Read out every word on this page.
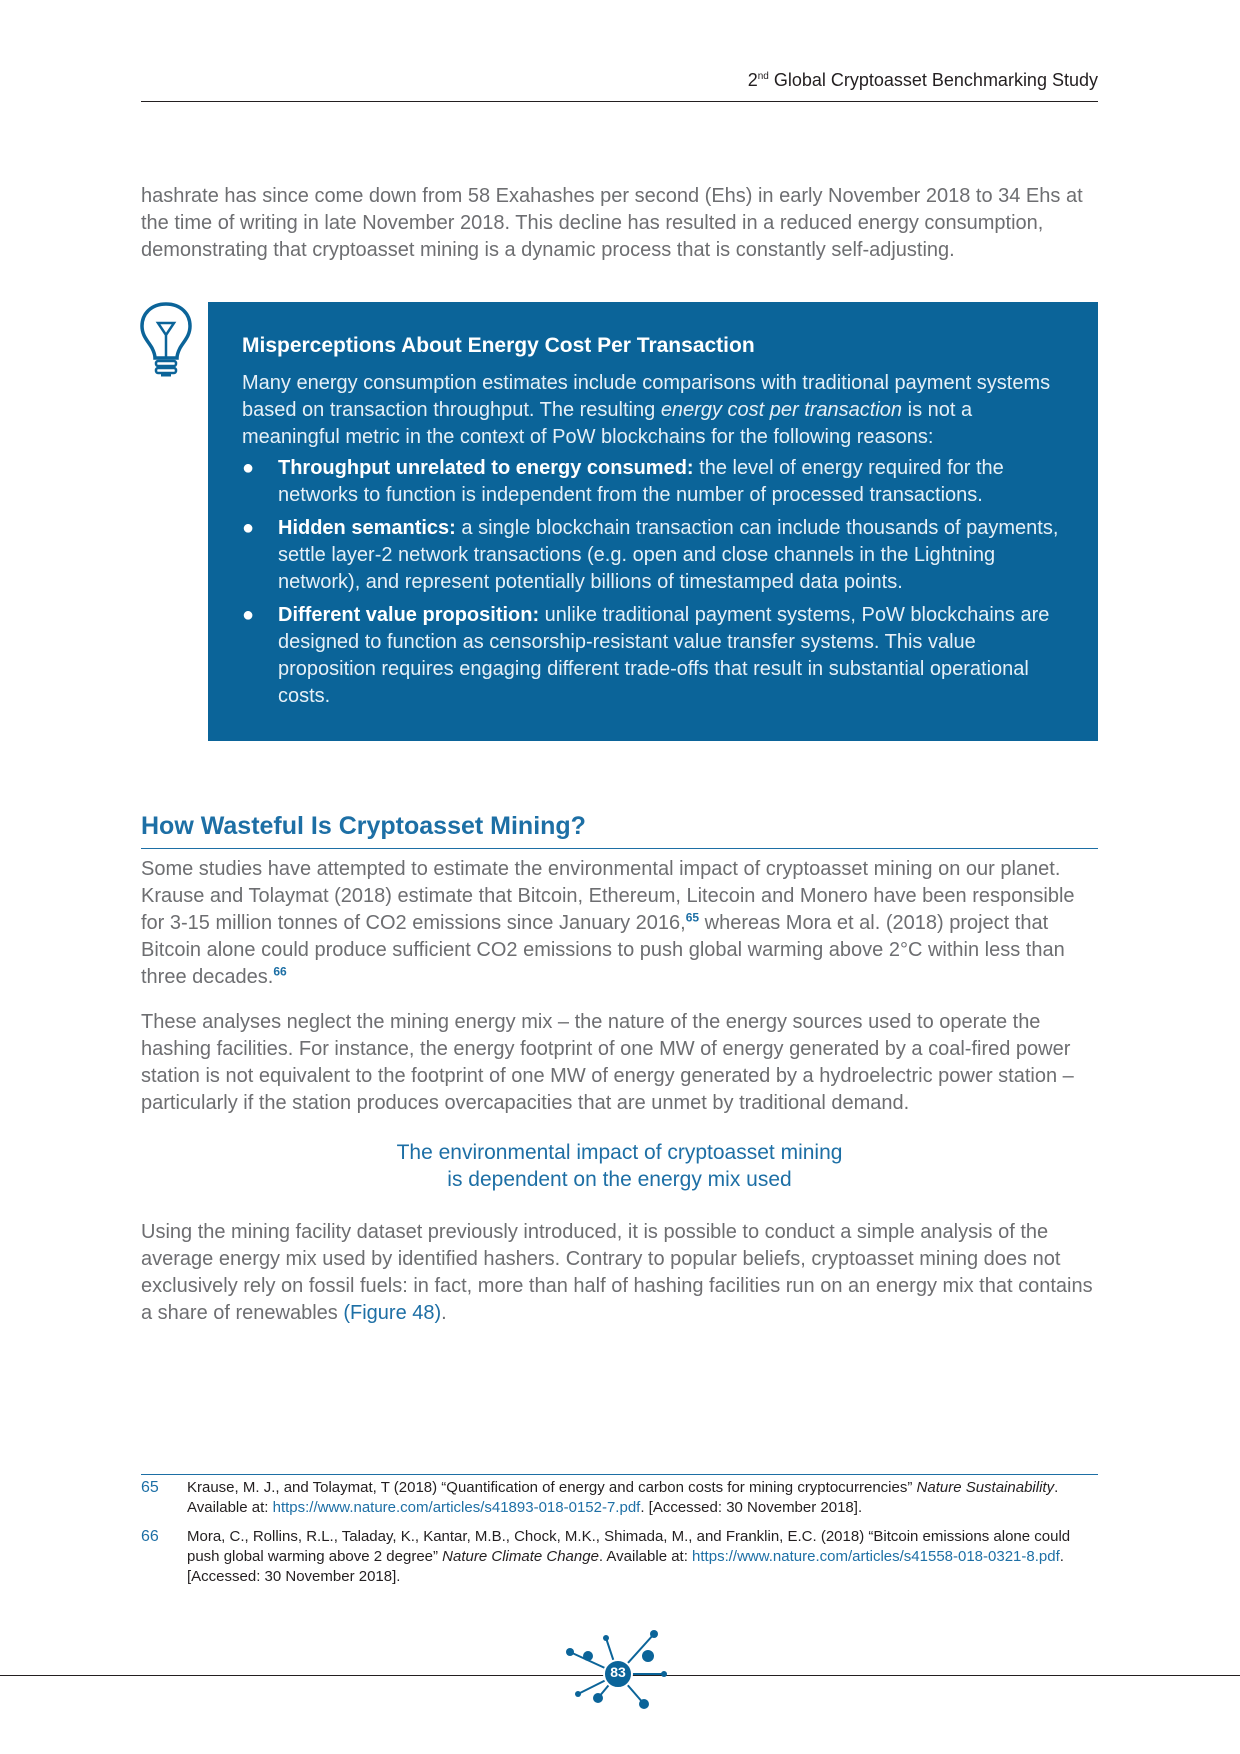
2nd Global Cryptoasset Benchmarking Study

hashrate has since come down from 58 Exahashes per second (Ehs) in early November 2018 to 34 Ehs at the time of writing in late November 2018. This decline has resulted in a reduced energy consumption, demonstrating that cryptoasset mining is a dynamic process that is constantly self-adjusting.

Misperceptions About Energy Cost Per Transaction

Many energy consumption estimates include comparisons with traditional payment systems based on transaction throughput. The resulting energy cost per transaction is not a meaningful metric in the context of PoW blockchains for the following reasons:

● Throughput unrelated to energy consumed: the level of energy required for the networks to function is independent from the number of processed transactions.
● Hidden semantics: a single blockchain transaction can include thousands of payments, settle layer-2 network transactions (e.g. open and close channels in the Lightning network), and represent potentially billions of timestamped data points.
● Different value proposition: unlike traditional payment systems, PoW blockchains are designed to function as censorship-resistant value transfer systems. This value proposition requires engaging different trade-offs that result in substantial operational costs.
How Wasteful Is Cryptoasset Mining?

Some studies have attempted to estimate the environmental impact of cryptoasset mining on our planet. Krause and Tolaymat (2018) estimate that Bitcoin, Ethereum, Litecoin and Monero have been responsible for 3-15 million tonnes of CO2 emissions since January 2016,65 whereas Mora et al. (2018) project that Bitcoin alone could produce sufficient CO2 emissions to push global warming above 2°C within less than three decades.$^{66}$

These analyses neglect the mining energy mix – the nature of the energy sources used to operate the hashing facilities. For instance, the energy footprint of one MW of energy generated by a coal-fired power station is not equivalent to the footprint of one MW of energy generated by a hydroelectric power station – particularly if the station produces overcapacities that are unmet by traditional demand.

The environmental impact of cryptoasset mining
is dependent on the energy mix used

Using the mining facility dataset previously introduced, it is possible to conduct a simple analysis of the average energy mix used by identified hashers. Contrary to popular beliefs, cryptoasset mining does not exclusively rely on fossil fuels: in fact, more than half of hashing facilities run on an energy mix that contains a share of renewables (Figure 48).

65 Krause, M. J., and Tolaymat, T (2018) “Quantification of energy and carbon costs for mining cryptocurrencies” Nature Sustainability. Available at: https://www.nature.com/articles/s41893-018-0152-7.pdf. [Accessed: 30 November 2018].
66 Mora, C., Rollins, R.L., Taladay, K., Kantar, M.B., Chock, M.K., Shimada, M., and Franklin, E.C. (2018) “Bitcoin emissions alone could push global warming above 2 degree” Nature Climate Change. Available at: https://www.nature.com/articles/s41558-018-0321-8.pdf. [Accessed: 30 November 2018].
83
